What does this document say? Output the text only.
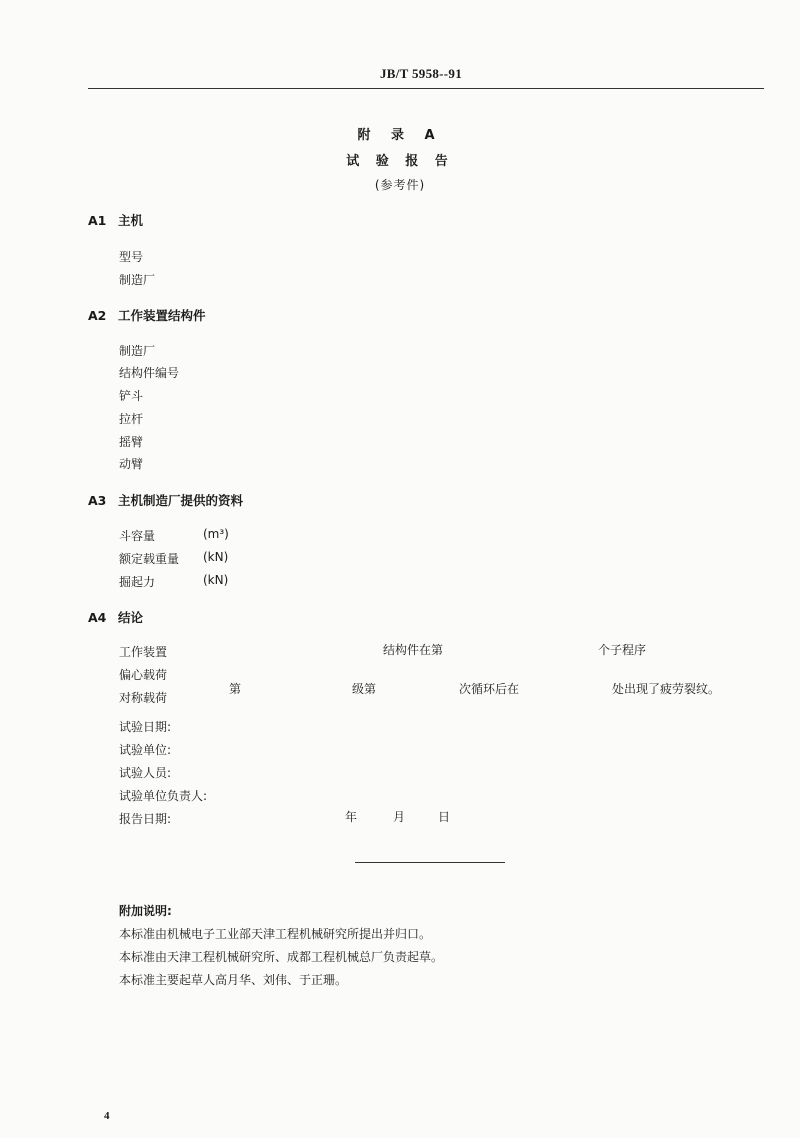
JB/T 5958--91
附 录 A
试 验 报 告
(参考件)
A1 主机
型号
制造厂
A2 工作装置结构件
制造厂
结构件编号
铲斗
拉杆
摇臂
动臂
A3 主机制造厂提供的资料
斗容量	(m³)
额定载重量 (kN)
掘起力	(kN)
A4 结论
工作装置	结构件在第	个子程序
偏心载荷
对称载荷
第	级第	次循环后在	处出现了疲劳裂纹。
试验日期:
试验单位:
试验人员:
试验单位负责人:
报告日期:	年	月	日
附加说明:
本标准由机械电子工业部天津工程机械研究所提出并归口。
本标准由天津工程机械研究所、成都工程机械总厂负责起草。
本标准主要起草人高月华、刘伟、于正珊。
4
